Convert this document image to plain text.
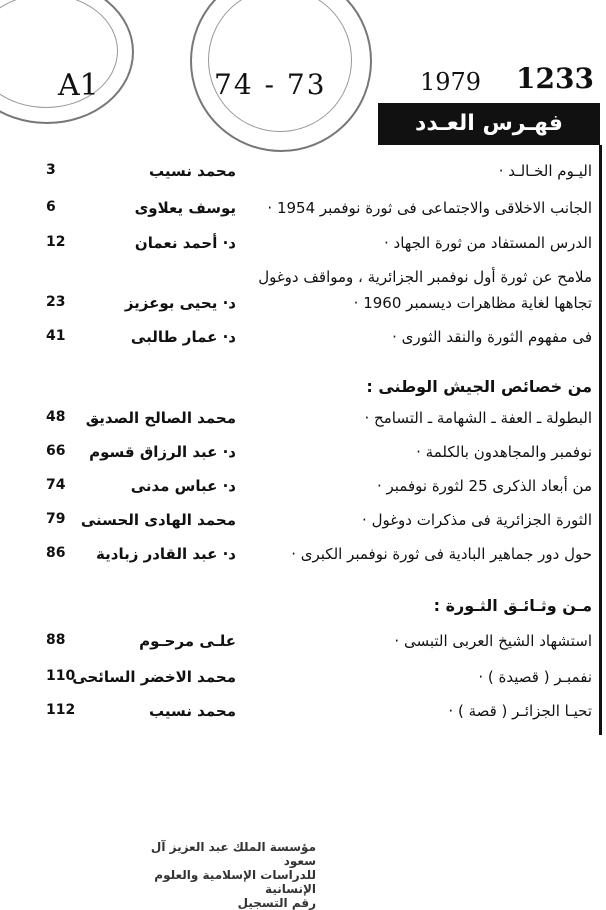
A1	74 - 73	1979 1233
فهـرس العـدد
اليـوم الخـالـد ·
محمد نسيب
3
الجانب الاخلاقى والاجتماعى فى ثورة نوفمبر 1954 ·
يوسف يعلاوى
6
الدرس المستفاد من ثورة الجهاد ·
د· أحمد نعمان
12
ملامح عن ثورة أول نوفمبر الجزائرية ، ومواقف دوغول
تجاهها لغاية مظاهرات ديسمبر 1960 ·
د· يحيى بوعزيز
23
فى مفهوم الثورة والنقد الثورى ·
د· عمار طالبى
41
من خصائص الجيش الوطنى :
البطولة ـ العفة ـ الشهامة ـ التسامح ·
محمد الصالح الصديق
48
نوفمبر والمجاهدون بالكلمة ·
د· عبد الرزاق قسوم
66
من أبعاد الذكرى 25 لثورة نوفمبر ·
د· عباس مدنى
74
الثورة الجزائرية فى مذكرات دوغول ·
محمد الهادى الحسنى
79
حول دور جماهير البادية فى ثورة نوفمبر الكبرى ·
د· عبد القادر زبادية
86
مـن وثـائـق الثـورة :
استشهاد الشيخ العربى التبسى ·
علـى مرحـوم
88
نفمبـر ( قصيدة ) ·
محمد الاخضر السائحى
110
تحيـا الجزائـر ( قصة ) ·
محمد نسيب
112
مؤسسة الملك عبد العزيز آل سعود
للدراسات الإسلامية والعلوم الإنسانية
رقم التسجيل
